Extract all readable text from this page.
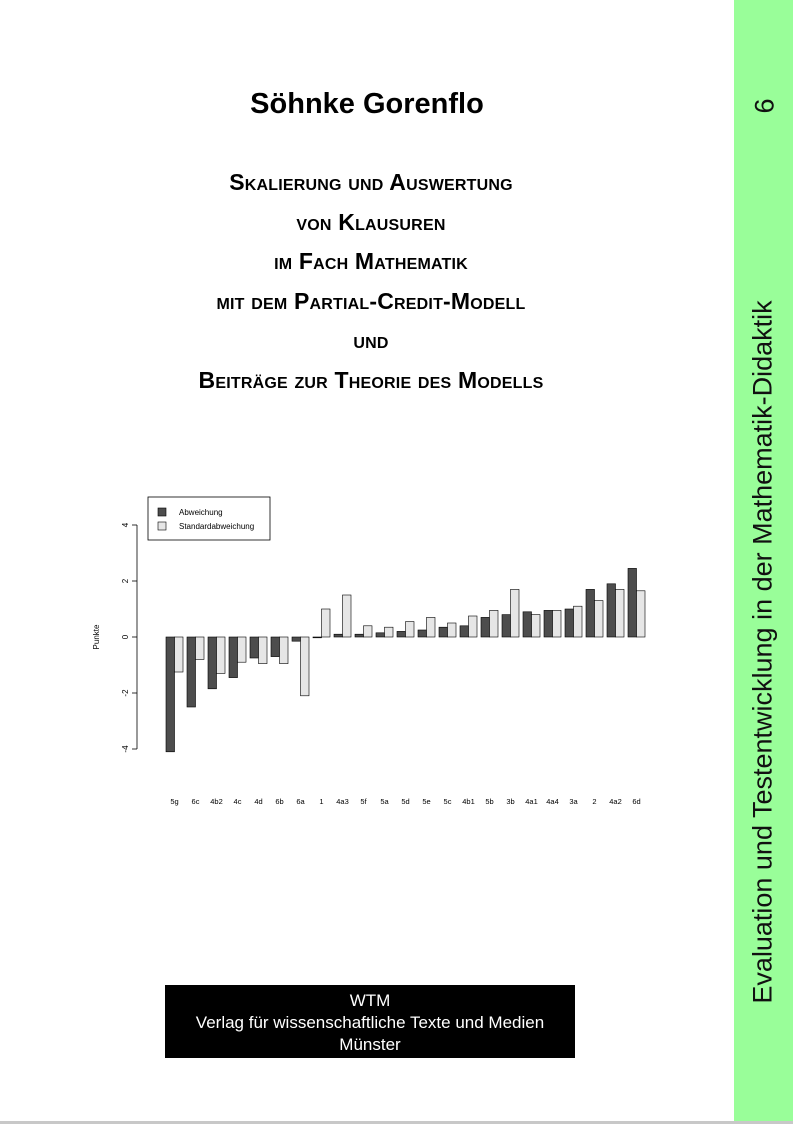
Söhnke Gorenflo
Skalierung und Auswertung
von Klausuren
im Fach Mathematik
mit dem Partial-Credit-Modell
und
Beiträge zur Theorie des Modells
-4
-2
0
2
4
5g 6c 4b2 4c 4d 6b 6a 1 4a3 5f 5a 5d 5e 5c 4b1 5b 3b 4a1 4a4 3a 2 4a2 6d
Punkte
Abweichung
Standardabweichung
6
Evaluation und Testentwicklung in der Mathematik-Didaktik
WTM
Verlag für wissenschaftliche Texte und Medien
Münster
